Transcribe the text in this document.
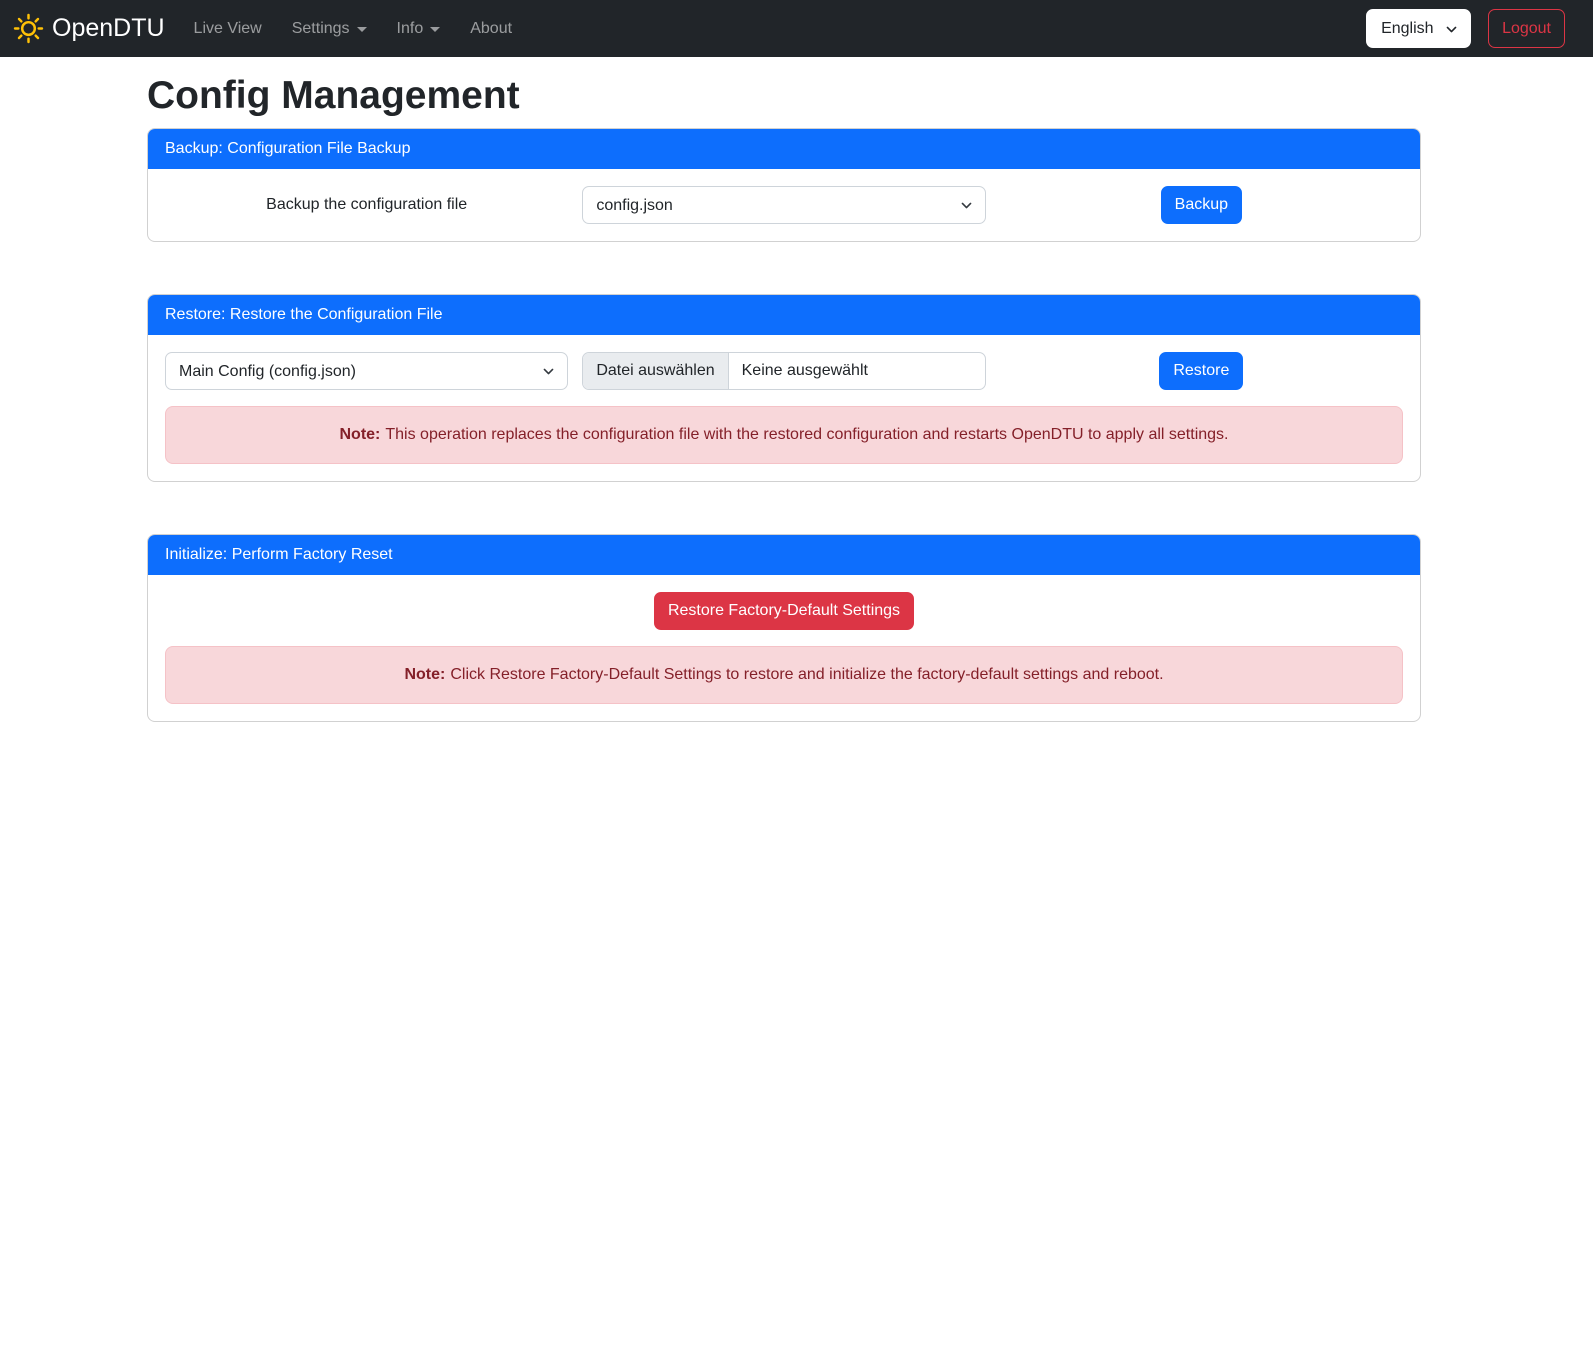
OpenDTU Live View Settings	Info	About
English	Logout
Config Management
Backup: Configuration File Backup
Backup the configuration file
config.json	Backup
Restore: Restore the Configuration File
Main Config (config.json)
Datei auswählen	Keine ausgewählt	Restore
Note: This operation replaces the configuration file with the restored configuration and restarts OpenDTU to apply all settings.
Initialize: Perform Factory Reset
Restore Factory-Default Settings
Note: Click Restore Factory-Default Settings to restore and initialize the factory-default settings and reboot.
